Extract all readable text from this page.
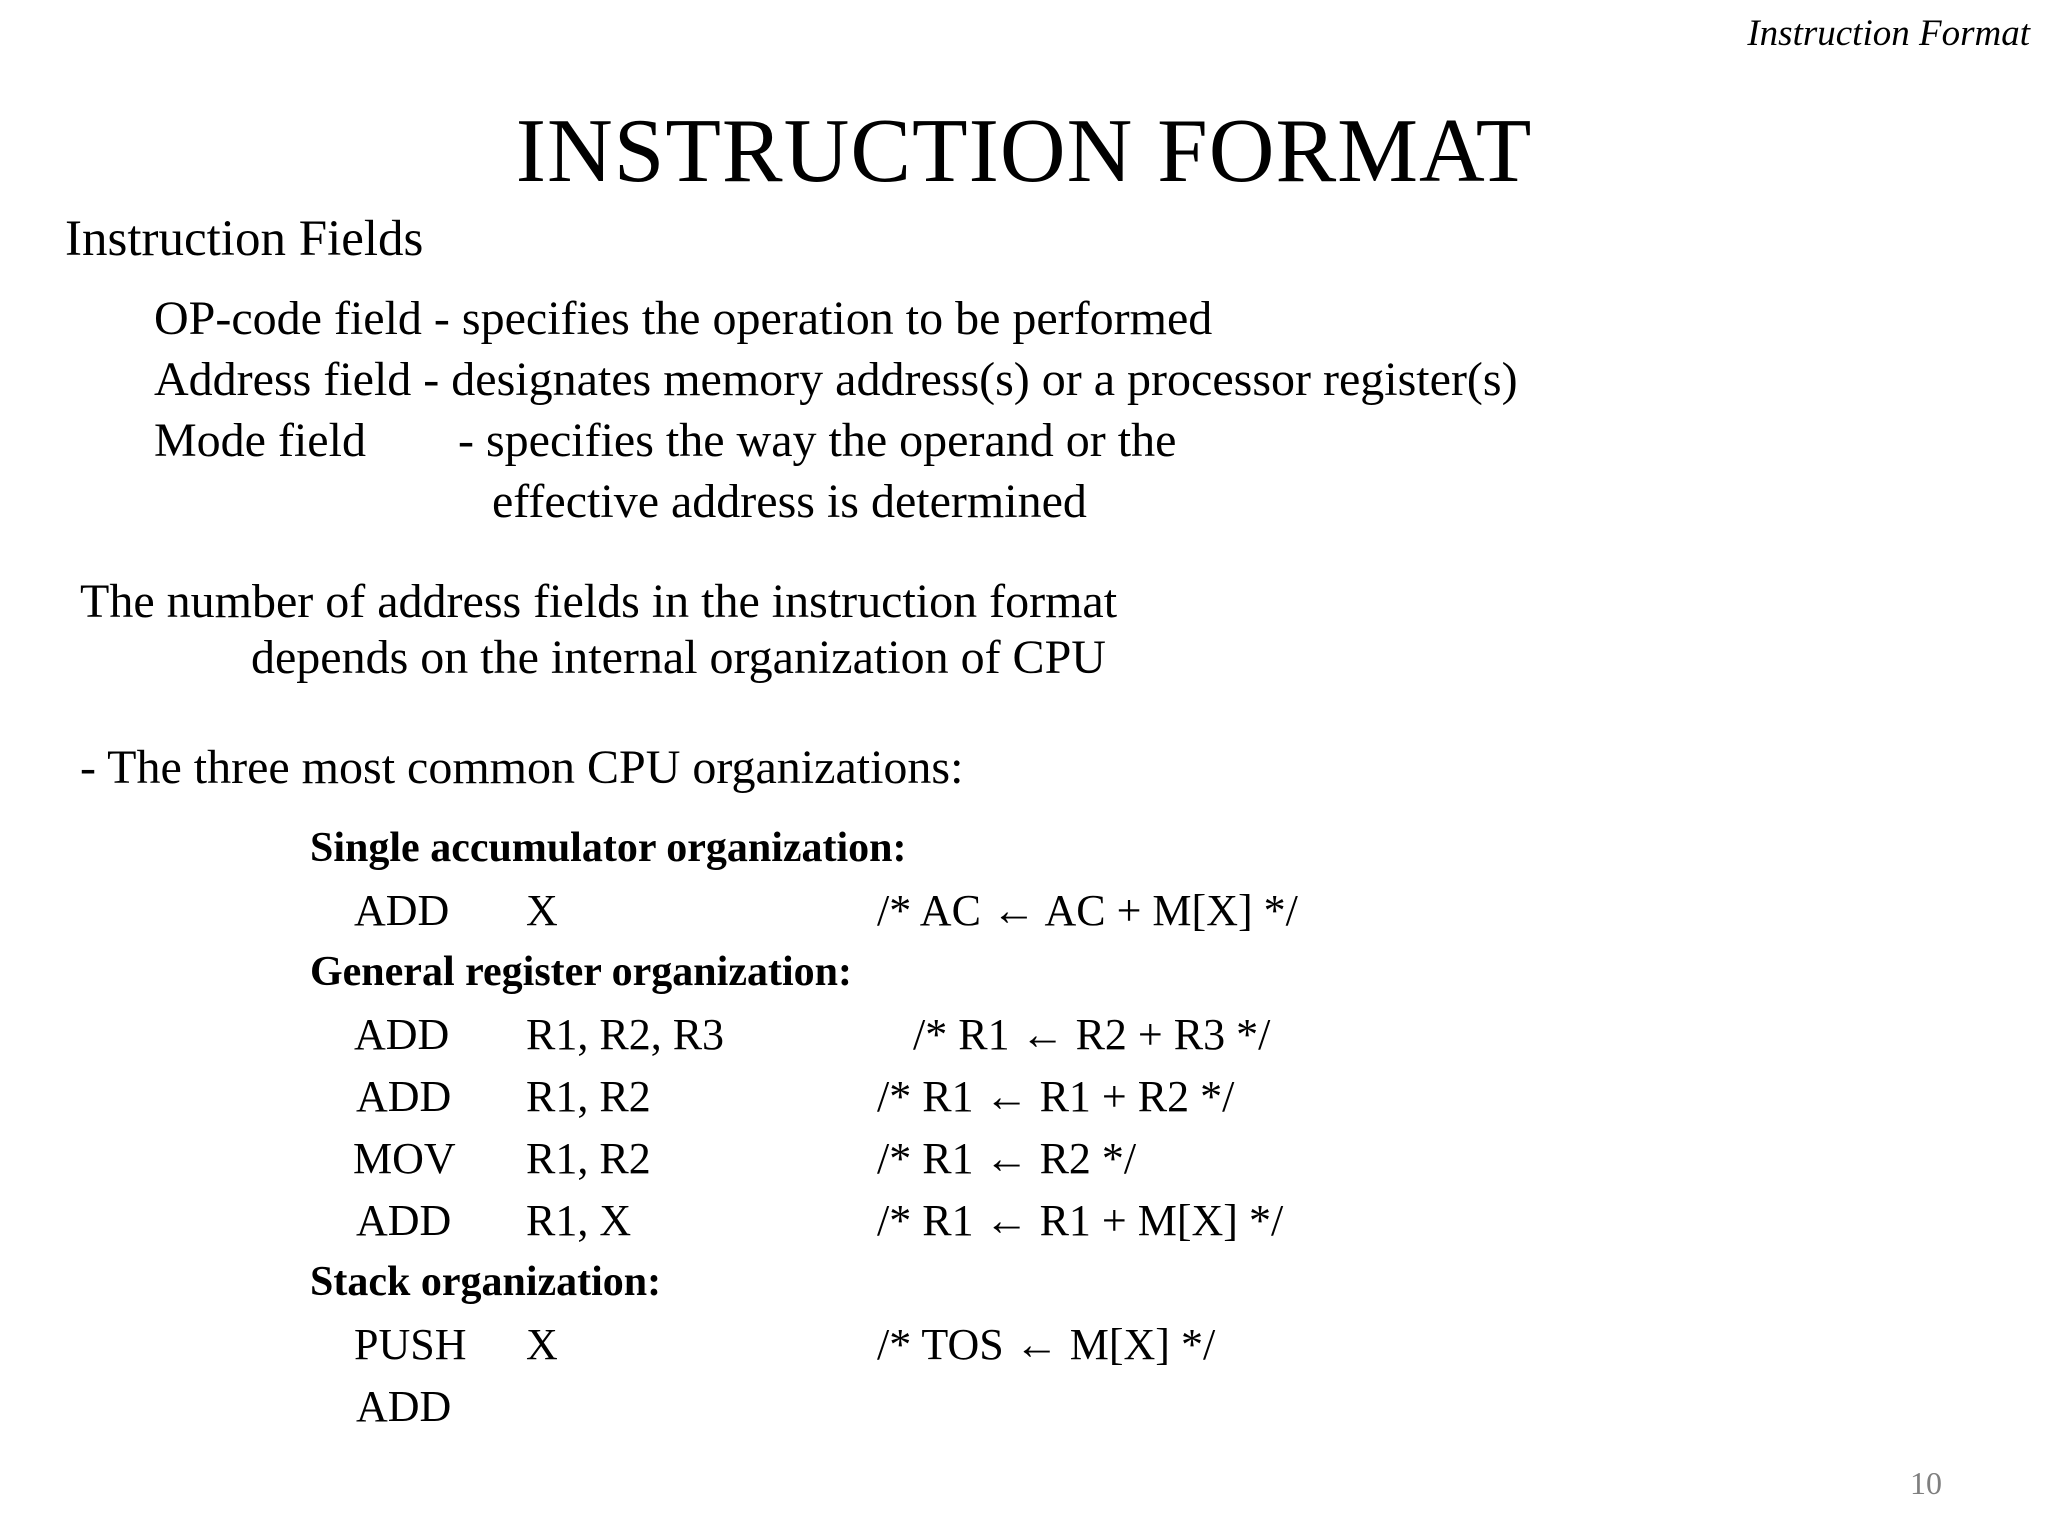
Instruction Format
INSTRUCTION FORMAT
Instruction Fields
OP-code field - specifies the operation to be performed
Address field - designates memory address(s) or a processor register(s)
Mode field - specifies the way the operand or the
effective address is determined
The number of address fields in the instruction format
depends on the internal organization of CPU
- The three most common CPU organizations:
Single accumulator organization:
ADD X	/* AC ← AC + M[X] */
General register organization:
ADD R1, R2, R3	/* R1 ← R2 + R3 */
ADD R1, R2	/* R1 ← R1 + R2 */
MOV R1, R2	/* R1 ← R2 */
ADD R1, X	/* R1 ← R1 + M[X] */
Stack organization:
PUSH X	/* TOS ← M[X] */
ADD
10
